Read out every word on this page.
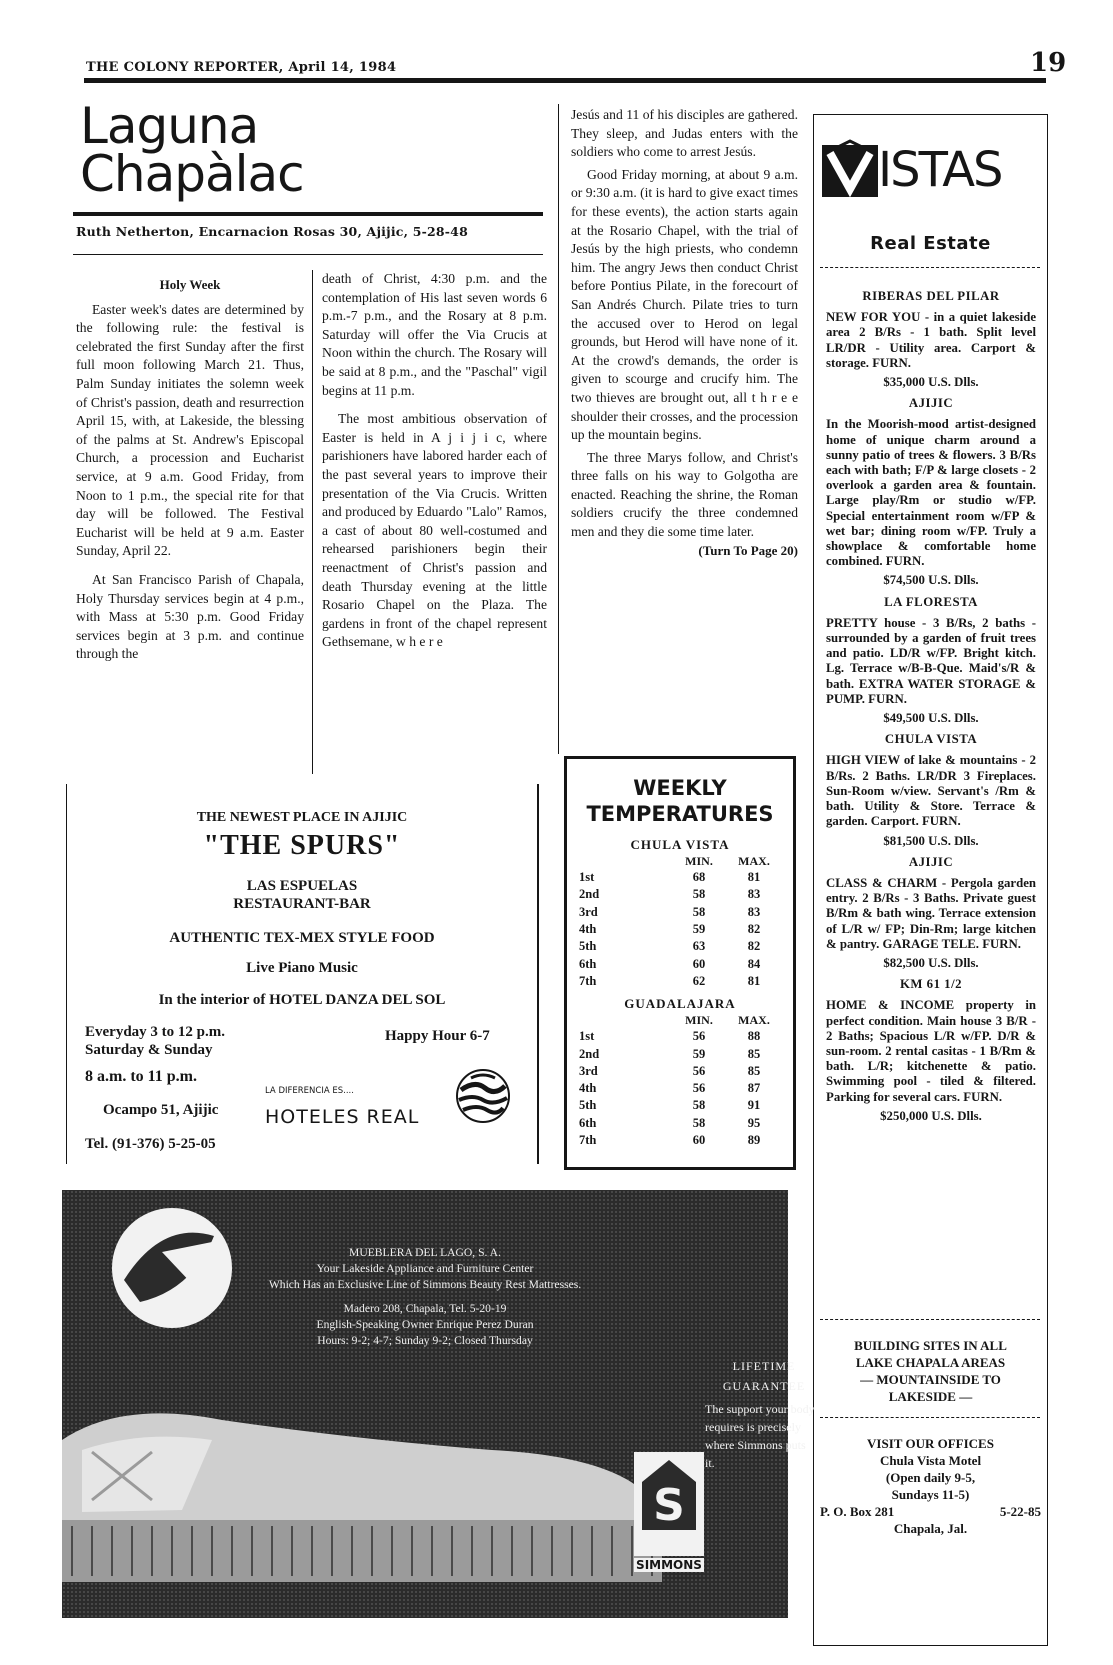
THE COLONY REPORTER, April 14, 1984	19
Laguna
Chapàlac
Ruth Netherton, Encarnacion Rosas 30, Ajijic, 5-28-48
Holy Week

Easter week's dates are determined by the following rule: the festival is celebrated the first Sunday after the first full moon following March 21. Thus, Palm Sunday initiates the solemn week of Christ's passion, death and resurrection April 15, with, at Lakeside, the blessing of the palms at St. Andrew's Episcopal Church, a procession and Eucharist service, at 9 a.m. Good Friday, from Noon to 1 p.m., the special rite for that day will be followed. The Festival Eucharist will be held at 9 a.m. Easter Sunday, April 22.

At San Francisco Parish of Chapala, Holy Thursday services begin at 4 p.m., with Mass at 5:30 p.m. Good Friday services begin at 3 p.m. and continue through the

death of Christ, 4:30 p.m. and the contemplation of His last seven words 6 p.m.-7 p.m., and the Rosary at 8 p.m. Saturday will offer the Via Crucis at Noon within the church. The Rosary will be said at 8 p.m., and the "Paschal" vigil begins at 11 p.m.

The most ambitious observation of Easter is held in A j i j i c, where parishioners have labored harder each of the past several years to improve their presentation of the Via Crucis. Written and produced by Eduardo "Lalo" Ramos, a cast of about 80 well-costumed and rehearsed parishioners begin their reenactment of Christ's passion and death Thursday evening at the little Rosario Chapel on the Plaza. The gardens in front of the chapel represent Gethsemane, w h e r e

Jesús and 11 of his disciples are gathered. They sleep, and Judas enters with the soldiers who come to arrest Jesús.

Good Friday morning, at about 9 a.m. or 9:30 a.m. (it is hard to give exact times for these events), the action starts again at the Rosario Chapel, with the trial of Jesús by the high priests, who condemn him. The angry Jews then conduct Christ before Pontius Pilate, in the forecourt of San Andrés Church. Pilate tries to turn the accused over to Herod on legal grounds, but Herod will have none of it. At the crowd's demands, the order is given to scourge and crucify him. The two thieves are brought out, all t h r e e shoulder their crosses, and the procession up the mountain begins.

The three Marys follow, and Christ's three falls on his way to Golgotha are enacted. Reaching the shrine, the Roman soldiers crucify the three condemned men and they die some time later.

(Turn To Page 20)
THE NEWEST PLACE IN AJIJIC
"THE SPURS"
LAS ESPUELAS
RESTAURANT-BAR
AUTHENTIC TEX-MEX STYLE FOOD
Live Piano Music
In the interior of HOTEL DANZA DEL SOL
Everyday 3 to 12 p.m.
Saturday & Sunday
8 a.m. to 11 p.m.
Happy Hour 6-7
Ocampo 51, Ajijic
Tel. (91-376) 5-25-05
LA DIFERENCIA ES....
HOTELES REAL
WEEKLY
TEMPERATURES
CHULA VISTA
	MIN.	MAX.
1st	68	81
2nd	58	83
3rd	58	83
4th	59	82
5th	63	82
6th	60	84
7th	62	81
GUADALAJARA
	MIN.	MAX.
1st	56	88
2nd	59	85
3rd	56	85
4th	56	87
5th	58	91
6th	58	95
7th	60	89
ISTAS
Real Estate
RIBERAS DEL PILAR
NEW FOR YOU - in a quiet lakeside area 2 B/Rs - 1 bath. Split level LR/DR - Utility area. Carport & storage. FURN.
$35,000 U.S. Dlls.
AJIJIC
In the Moorish-mood artist-designed home of unique charm around a sunny patio of trees & flowers. 3 B/Rs each with bath; F/P & large closets - 2 overlook a garden area & fountain. Large play/Rm or studio w/FP. Special entertainment room w/FP & wet bar; dining room w/FP. Truly a showplace & comfortable home combined. FURN.
$74,500 U.S. Dlls.
LA FLORESTA
PRETTY house - 3 B/Rs, 2 baths - surrounded by a garden of fruit trees and patio. LD/R w/FP. Bright kitch. Lg. Terrace w/B-B-Que. Maid's/R & bath. EXTRA WATER STORAGE & PUMP. FURN.
$49,500 U.S. Dlls.
CHULA VISTA
HIGH VIEW of lake & mountains - 2 B/Rs. 2 Baths. LR/DR 3 Fireplaces. Sun-Room w/view. Servant's /Rm & bath. Utility & Store. Terrace & garden. Carport. FURN.
$81,500 U.S. Dlls.
AJIJIC
CLASS & CHARM - Pergola garden entry. 2 B/Rs - 3 Baths. Private guest B/Rm & bath wing. Terrace extension of L/R w/ FP; Din-Rm; large kitchen & pantry. GARAGE TELE. FURN.
$82,500 U.S. Dlls.
KM 61 1/2
HOME & INCOME property in perfect condition. Main house 3 B/R - 2 Baths; Spacious L/R w/FP. D/R & sun-room. 2 rental casitas - 1 B/Rm & bath. L/R; kitchenette & patio. Swimming pool - tiled & filtered. Parking for several cars. FURN.
$250,000 U.S. Dlls.
BUILDING SITES IN ALL
LAKE CHAPALA AREAS
— MOUNTAINSIDE TO
LAKESIDE —
VISIT OUR OFFICES
Chula Vista Motel
(Open daily 9-5,
Sundays 11-5)
P. O. Box 281	5-22-85
Chapala, Jal.
S
MUEBLERA DEL LAGO, S. A.
Your Lakeside Appliance and Furniture Center
Which Has an Exclusive Line of Simmons Beauty Rest Mattresses.
Madero 208, Chapala, Tel. 5-20-19
English-Speaking Owner Enrique Perez Duran
Hours: 9-2; 4-7; Sunday 9-2; Closed Thursday
LIFETIME
GUARANTEE
The support your body requires is precisely where Simmons puts it.
SIMMONS
